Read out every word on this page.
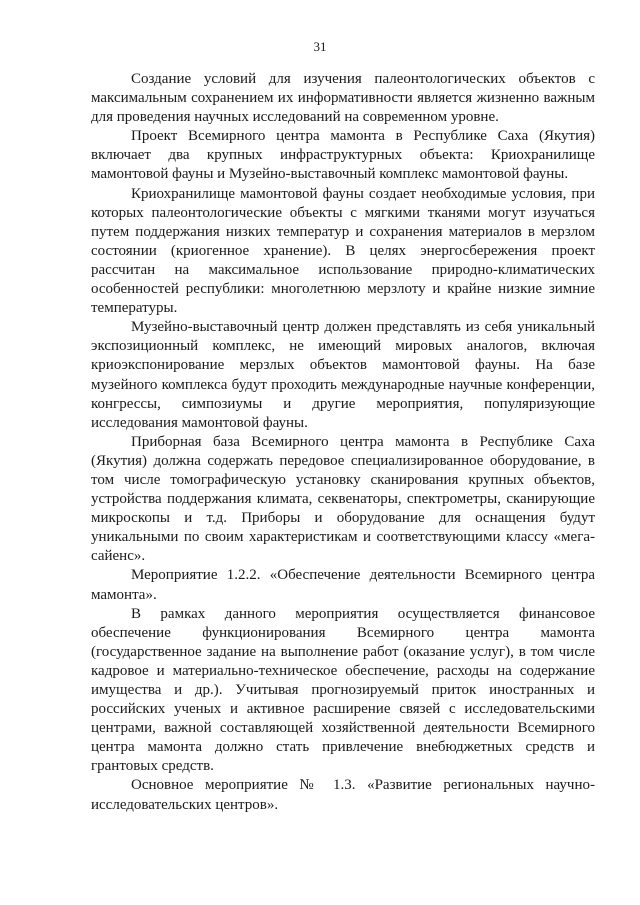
31

Создание условий для изучения палеонтологических объектов с максимальным сохранением их информативности является жизненно важным для проведения научных исследований на современном уровне.

Проект Всемирного центра мамонта в Республике Саха (Якутия) включает два крупных инфраструктурных объекта: Криохранилище мамонтовой фауны и Музейно-выставочный комплекс мамонтовой фауны.

Криохранилище мамонтовой фауны создает необходимые условия, при которых палеонтологические объекты с мягкими тканями могут изучаться путем поддержания низких температур и сохранения материалов в мерзлом состоянии (криогенное хранение). В целях энергосбережения проект рассчитан на максимальное использование природно-климатических особенностей республики: многолетнюю мерзлоту и крайне низкие зимние температуры.

Музейно-выставочный центр должен представлять из себя уникальный экспозиционный комплекс, не имеющий мировых аналогов, включая криоэкспонирование мерзлых объектов мамонтовой фауны. На базе музейного комплекса будут проходить международные научные конференции, конгрессы, симпозиумы и другие мероприятия, популяризующие исследования мамонтовой фауны.

Приборная база Всемирного центра мамонта в Республике Саха (Якутия) должна содержать передовое специализированное оборудование, в том числе томографическую установку сканирования крупных объектов, устройства поддержания климата, секвенаторы, спектрометры, сканирующие микроскопы и т.д. Приборы и оборудование для оснащения будут уникальными по своим характеристикам и соответствующими классу «мега-сайенс».

Мероприятие 1.2.2. «Обеспечение деятельности Всемирного центра мамонта».

В рамках данного мероприятия осуществляется финансовое обеспечение функционирования Всемирного центра мамонта (государственное задание на выполнение работ (оказание услуг), в том числе кадровое и материально-техническое обеспечение, расходы на содержание имущества и др.). Учитывая прогнозируемый приток иностранных и российских ученых и активное расширение связей с исследовательскими центрами, важной составляющей хозяйственной деятельности Всемирного центра мамонта должно стать привлечение внебюджетных средств и грантовых средств.

Основное мероприятие № 1.3. «Развитие региональных научно-исследовательских центров».
